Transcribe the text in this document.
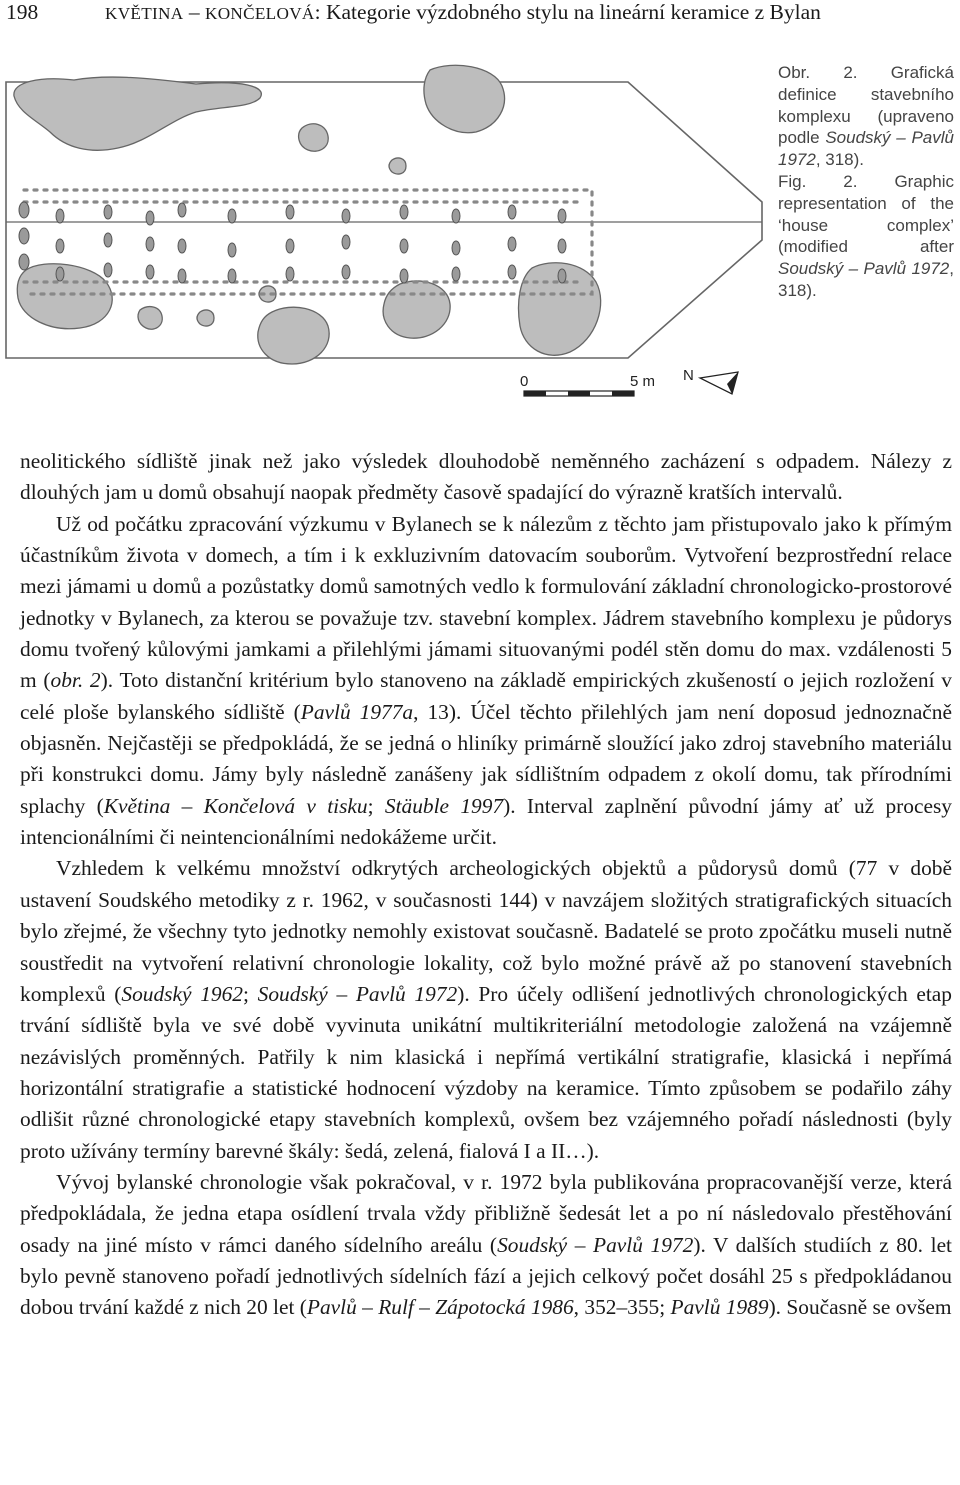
198	KVĚTINA – KONČELOVÁ: Kategorie výzdobného stylu na lineární keramice z Bylan
0	5 m N

Obr. 2. Grafická definice stavebního komplexu (upraveno podle Soudský – Pavlů 1972, 318).

Fig. 2. Graphic representation of the ‘house complex’ (modified after Soudský – Pavlů 1972, 318).

neolitického sídliště jinak než jako výsledek dlouhodobě neměnného zacházení s odpadem. Nálezy z dlouhých jam u domů obsahují naopak předměty časově spadající do výrazně kratších intervalů.

Už od počátku zpracování výzkumu v Bylanech se k nálezům z těchto jam přistupovalo jako k přímým účastníkům života v domech, a tím i k exkluzivním datovacím souborům. Vytvoření bezprostřední relace mezi jámami u domů a pozůstatky domů samotných vedlo k formulování základní chronologicko-prostorové jednotky v Bylanech, za kterou se považuje tzv. stavební komplex. Jádrem stavebního komplexu je půdorys domu tvořený kůlovými jamkami a přilehlými jámami situovanými podél stěn domu do max. vzdálenosti 5 m (obr. 2). Toto distanční kritérium bylo stanoveno na základě empirických zkušeností o jejich rozložení v celé ploše bylanského sídliště (Pavlů 1977a, 13). Účel těchto přilehlých jam není doposud jednoznačně objasněn. Nejčastěji se předpokládá, že se jedná o hliníky primárně sloužící jako zdroj stavebního materiálu při konstrukci domu. Jámy byly následně zanášeny jak sídlištním odpadem z okolí domu, tak přírodními splachy (Květina – Končelová v tisku; Stäuble 1997). Interval zaplnění původní jámy ať už procesy intencionálními či neintencionálními nedokážeme určit.

Vzhledem k velkému množství odkrytých archeologických objektů a půdorysů domů (77 v době ustavení Soudského metodiky z r. 1962, v současnosti 144) v navzájem složitých stratigrafických situacích bylo zřejmé, že všechny tyto jednotky nemohly existovat současně. Badatelé se proto zpočátku museli nutně soustředit na vytvoření relativní chronologie lokality, což bylo možné právě až po stanovení stavebních komplexů (Soudský 1962; Soudský – Pavlů 1972). Pro účely odlišení jednotlivých chronologických etap trvání sídliště byla ve své době vyvinuta unikátní multikriteriální metodologie založená na vzájemně nezávislých proměnných. Patřily k nim klasická i nepřímá vertikální stratigrafie, klasická i nepřímá horizontální stratigrafie a statistické hodnocení výzdoby na keramice. Tímto způsobem se podařilo záhy odlišit různé chronologické etapy stavebních komplexů, ovšem bez vzájemného pořadí následnosti (byly proto užívány termíny barevné škály: šedá, zelená, fialová I a II…).

Vývoj bylanské chronologie však pokračoval, v r. 1972 byla publikována propracovanější verze, která předpokládala, že jedna etapa osídlení trvala vždy přibližně šedesát let a po ní následovalo přestěhování osady na jiné místo v rámci daného sídelního areálu (Soudský – Pavlů 1972). V dalších studiích z 80. let bylo pevně stanoveno pořadí jednotlivých sídelních fází a jejich celkový počet dosáhl 25 s předpokládanou dobou trvání každé z nich 20 let (Pavlů – Rulf – Zápotocká 1986, 352–355; Pavlů 1989). Současně se ovšem
